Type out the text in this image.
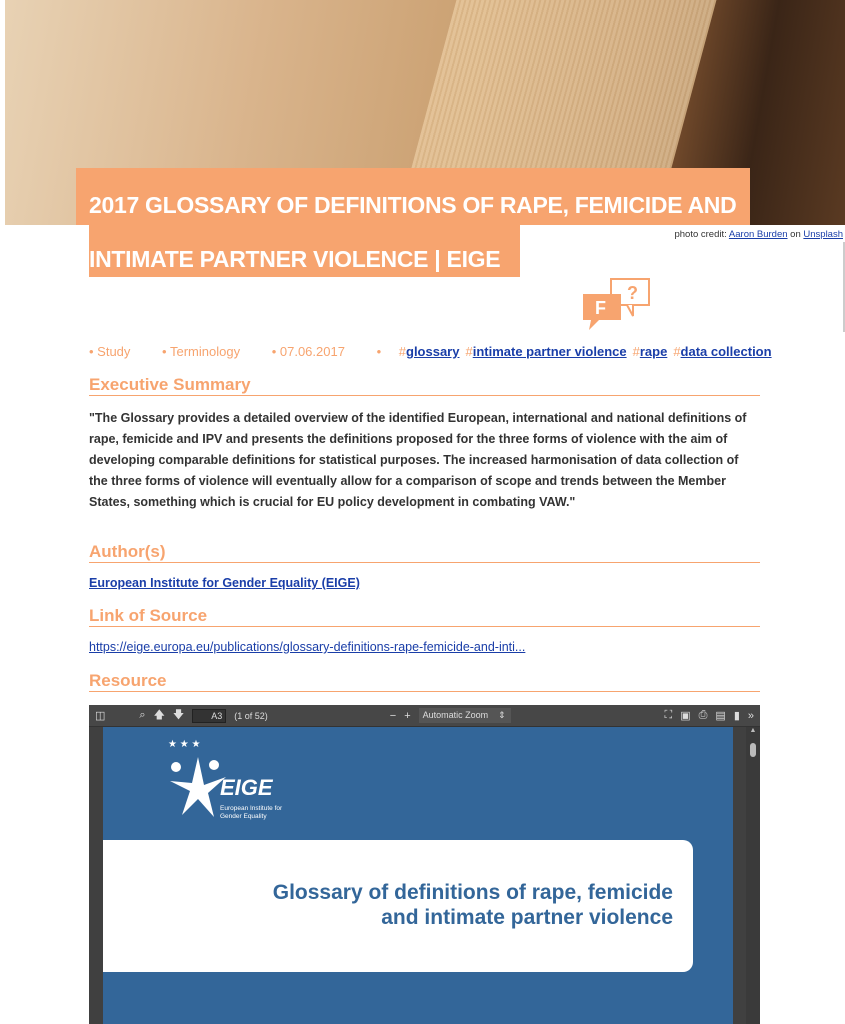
2017 GLOSSARY OF DEFINITIONS OF RAPE, FEMICIDE AND INTIMATE PARTNER VIOLENCE | EIGE
photo credit: Aaron Burden on Unsplash
?
F
• Study • Terminology • 07.06.2017 • #glossary #intimate partner violence #rape #data collection
Executive Summary

"The Glossary provides a detailed overview of the identified European, international and national definitions of rape, femicide and IPV and presents the definitions proposed for the three forms of violence with the aim of developing comparable definitions for statistical purposes. The increased harmonisation of data collection of the three forms of violence will eventually allow for a comparison of scope and trends between the Member States, something which is crucial for EU policy development in combating VAW."

Author(s)
European Institute for Gender Equality (EIGE)
Link of Source
https://eige.europa.eu/publications/glossary-definitions-rape-femicide-and-inti...
Resource
◫	⌕ 🡅 🡇	A3	(1 of 52)	− + Automatic Zoom ⇕	⛶ ▣ ⎙ ▤ ▮ »
★ ★ ★
EIGE
European Institute for Gender Equality
Glossary of definitions of rape, femicide
and intimate partner violence
▲
